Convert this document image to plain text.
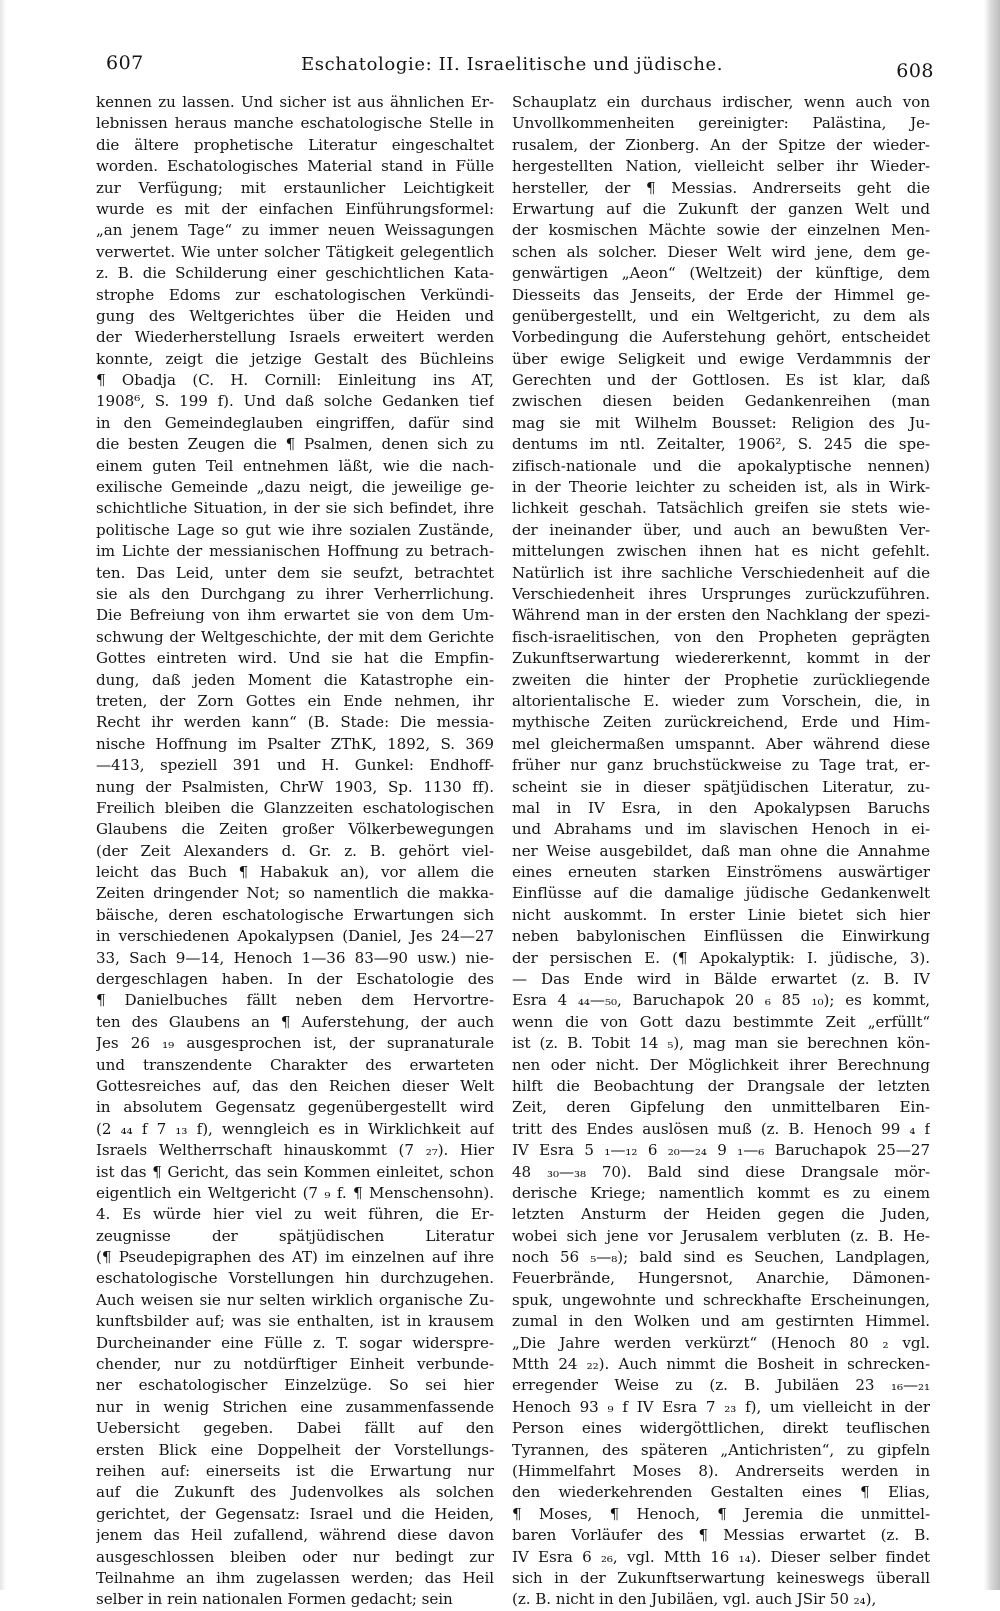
607	Eschatologie: II. Israelitische und jüdische.	608
kennen zu lassen. Und sicher ist aus ähnlichen Er-
lebnissen heraus manche eschatologische Stelle in
die ältere prophetische Literatur eingeschaltet
worden. Eschatologisches Material stand in Fülle
zur Verfügung; mit erstaunlicher Leichtigkeit
wurde es mit der einfachen Einführungsformel:
„an jenem Tage“ zu immer neuen Weissagungen
verwertet. Wie unter solcher Tätigkeit gelegentlich
z. B. die Schilderung einer geschichtlichen Kata-
strophe Edoms zur eschatologischen Verkündi-
gung des Weltgerichtes über die Heiden und
der Wiederherstellung Israels erweitert werden
konnte, zeigt die jetzige Gestalt des Büchleins
¶ Obadja (C. H. Cornill: Einleitung ins AT,
1908⁶, S. 199 f). Und daß solche Gedanken tief
in den Gemeindeglauben eingriffen, dafür sind
die besten Zeugen die ¶ Psalmen, denen sich zu
einem guten Teil entnehmen läßt, wie die nach-
exilische Gemeinde „dazu neigt, die jeweilige ge-
schichtliche Situation, in der sie sich befindet, ihre
politische Lage so gut wie ihre sozialen Zustände,
im Lichte der messianischen Hoffnung zu betrach-
ten. Das Leid, unter dem sie seufzt, betrachtet
sie als den Durchgang zu ihrer Verherrlichung.
Die Befreiung von ihm erwartet sie von dem Um-
schwung der Weltgeschichte, der mit dem Gerichte
Gottes eintreten wird. Und sie hat die Empfin-
dung, daß jeden Moment die Katastrophe ein-
treten, der Zorn Gottes ein Ende nehmen, ihr
Recht ihr werden kann“ (B. Stade: Die messia-
nische Hoffnung im Psalter ZThK, 1892, S. 369
—413, speziell 391 und H. Gunkel: Endhoff-
nung der Psalmisten, ChrW 1903, Sp. 1130 ff).
Freilich bleiben die Glanzzeiten eschatologischen
Glaubens die Zeiten großer Völkerbewegungen
(der Zeit Alexanders d. Gr. z. B. gehört viel-
leicht das Buch ¶ Habakuk an), vor allem die
Zeiten dringender Not; so namentlich die makka-
bäische, deren eschatologische Erwartungen sich
in verschiedenen Apokalypsen (Daniel, Jes 24—27
33, Sach 9—14, Henoch 1—36 83—90 usw.) nie-
dergeschlagen haben. In der Eschatologie des
¶ Danielbuches fällt neben dem Hervortre-
ten des Glaubens an ¶ Auferstehung, der auch
Jes 26 ₁₉ ausgesprochen ist, der supranaturale
und transzendente Charakter des erwarteten
Gottesreiches auf, das den Reichen dieser Welt
in absolutem Gegensatz gegenübergestellt wird
(2 ₄₄ f 7 ₁₃ f), wenngleich es in Wirklichkeit auf
Israels Weltherrschaft hinauskommt (7 ₂₇). Hier
ist das ¶ Gericht, das sein Kommen einleitet, schon
eigentlich ein Weltgericht (7 ₉ f. ¶ Menschensohn).
4. Es würde hier viel zu weit führen, die Er-
zeugnisse der spätjüdischen Literatur
(¶ Pseudepigraphen des AT) im einzelnen auf ihre
eschatologische Vorstellungen hin durchzugehen.
Auch weisen sie nur selten wirklich organische Zu-
kunftsbilder auf; was sie enthalten, ist in krausem
Durcheinander eine Fülle z. T. sogar widerspre-
chender, nur zu notdürftiger Einheit verbunde-
ner eschatologischer Einzelzüge. So sei hier
nur in wenig Strichen eine zusammenfassende
Uebersicht gegeben. Dabei fällt auf den
ersten Blick eine Doppelheit der Vorstellungs-
reihen auf: einerseits ist die Erwartung nur
auf die Zukunft des Judenvolkes als solchen
gerichtet, der Gegensatz: Israel und die Heiden,
jenem das Heil zufallend, während diese davon
ausgeschlossen bleiben oder nur bedingt zur
Teilnahme an ihm zugelassen werden; das Heil
selber in rein nationalen Formen gedacht; sein
Schauplatz ein durchaus irdischer, wenn auch von
Unvollkommenheiten gereinigter: Palästina, Je-
rusalem, der Zionberg. An der Spitze der wieder-
hergestellten Nation, vielleicht selber ihr Wieder-
hersteller, der ¶ Messias. Andrerseits geht die
Erwartung auf die Zukunft der ganzen Welt und
der kosmischen Mächte sowie der einzelnen Men-
schen als solcher. Dieser Welt wird jene, dem ge-
genwärtigen „Aeon“ (Weltzeit) der künftige, dem
Diesseits das Jenseits, der Erde der Himmel ge-
genübergestellt, und ein Weltgericht, zu dem als
Vorbedingung die Auferstehung gehört, entscheidet
über ewige Seligkeit und ewige Verdammnis der
Gerechten und der Gottlosen. Es ist klar, daß
zwischen diesen beiden Gedankenreihen (man
mag sie mit Wilhelm Bousset: Religion des Ju-
dentums im ntl. Zeitalter, 1906², S. 245 die spe-
zifisch-nationale und die apokalyptische nennen)
in der Theorie leichter zu scheiden ist, als in Wirk-
lichkeit geschah. Tatsächlich greifen sie stets wie-
der ineinander über, und auch an bewußten Ver-
mittelungen zwischen ihnen hat es nicht gefehlt.
Natürlich ist ihre sachliche Verschiedenheit auf die
Verschiedenheit ihres Ursprunges zurückzuführen.
Während man in der ersten den Nachklang der spezi-
fisch-israelitischen, von den Propheten geprägten
Zukunftserwartung wiedererkennt, kommt in der
zweiten die hinter der Prophetie zurückliegende
altorientalische E. wieder zum Vorschein, die, in
mythische Zeiten zurückreichend, Erde und Him-
mel gleichermaßen umspannt. Aber während diese
früher nur ganz bruchstückweise zu Tage trat, er-
scheint sie in dieser spätjüdischen Literatur, zu-
mal in IV Esra, in den Apokalypsen Baruchs
und Abrahams und im slavischen Henoch in ei-
ner Weise ausgebildet, daß man ohne die Annahme
eines erneuten starken Einströmens auswärtiger
Einflüsse auf die damalige jüdische Gedankenwelt
nicht auskommt. In erster Linie bietet sich hier
neben babylonischen Einflüssen die Einwirkung
der persischen E. (¶ Apokalyptik: I. jüdische, 3).
— Das Ende wird in Bälde erwartet (z. B. IV
Esra 4 ₄₄—₅₀, Baruchapok 20 ₆ 85 ₁₀); es kommt,
wenn die von Gott dazu bestimmte Zeit „erfüllt“
ist (z. B. Tobit 14 ₅), mag man sie berechnen kön-
nen oder nicht. Der Möglichkeit ihrer Berechnung
hilft die Beobachtung der Drangsale der letzten
Zeit, deren Gipfelung den unmittelbaren Ein-
tritt des Endes auslösen muß (z. B. Henoch 99 ₄ f
IV Esra 5 ₁—₁₂ 6 ₂₀—₂₄ 9 ₁—₆ Baruchapok 25—27
48 ₃₀—₃₈ 70). Bald sind diese Drangsale mör-
derische Kriege; namentlich kommt es zu einem
letzten Ansturm der Heiden gegen die Juden,
wobei sich jene vor Jerusalem verbluten (z. B. He-
noch 56 ₅—₈); bald sind es Seuchen, Landplagen,
Feuerbrände, Hungersnot, Anarchie, Dämonen-
spuk, ungewohnte und schreckhafte Erscheinungen,
zumal in den Wolken und am gestirnten Himmel.
„Die Jahre werden verkürzt“ (Henoch 80 ₂ vgl.
Mtth 24 ₂₂). Auch nimmt die Bosheit in schrecken-
erregender Weise zu (z. B. Jubiläen 23 ₁₆—₂₁
Henoch 93 ₉ f IV Esra 7 ₂₃ f), um vielleicht in der
Person eines widergöttlichen, direkt teuflischen
Tyrannen, des späteren „Antichristen“, zu gipfeln
(Himmelfahrt Moses 8). Andrerseits werden in
den wiederkehrenden Gestalten eines ¶ Elias,
¶ Moses, ¶ Henoch, ¶ Jeremia die unmittel-
baren Vorläufer des ¶ Messias erwartet (z. B.
IV Esra 6 ₂₆, vgl. Mtth 16 ₁₄). Dieser selber findet
sich in der Zukunftserwartung keineswegs überall
(z. B. nicht in den Jubiläen, vgl. auch JSir 50 ₂₄),
